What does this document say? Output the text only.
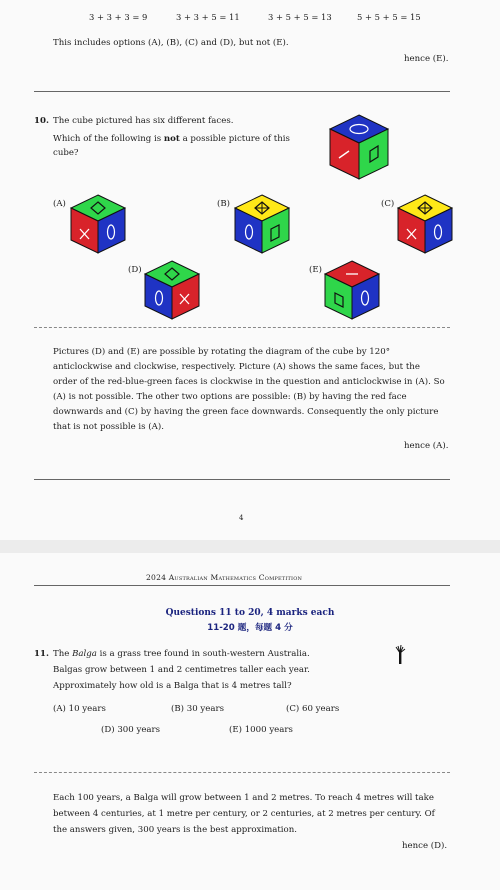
3 + 3 + 3 = 9	3 + 3 + 5 = 11	3 + 5 + 5 = 13	5 + 5 + 5 = 15
This includes options (A), (B), (C) and (D), but not (E).
hence (E).
10. The cube pictured has six different faces.
Which of the following is not a possible picture of this
cube?
(A)	(B)	(C)
(D)	(E)
Pictures (D) and (E) are possible by rotating the diagram of the cube by 120°
anticlockwise and clockwise, respectively. Picture (A) shows the same faces, but the
order of the red-blue-green faces is clockwise in the question and anticlockwise in (A). So
(A) is not possible. The other two options are possible: (B) by having the red face
downwards and (C) by having the green face downwards. Consequently the only picture
that is not possible is (A).
hence (A).
4
2024 Australian Mathematics Competition
Questions 11 to 20, 4 marks each
11-20 题，每题 4 分
11. The Balga is a grass tree found in south-western Australia.
Balgas grow between 1 and 2 centimetres taller each year.
Approximately how old is a Balga that is 4 metres tall?
(A) 10 years	(B) 30 years	(C) 60 years
(D) 300 years	(E) 1000 years
Each 100 years, a Balga will grow between 1 and 2 metres. To reach 4 metres will take
between 4 centuries, at 1 metre per century, or 2 centuries, at 2 metres per century. Of
the answers given, 300 years is the best approximation.
hence (D).
